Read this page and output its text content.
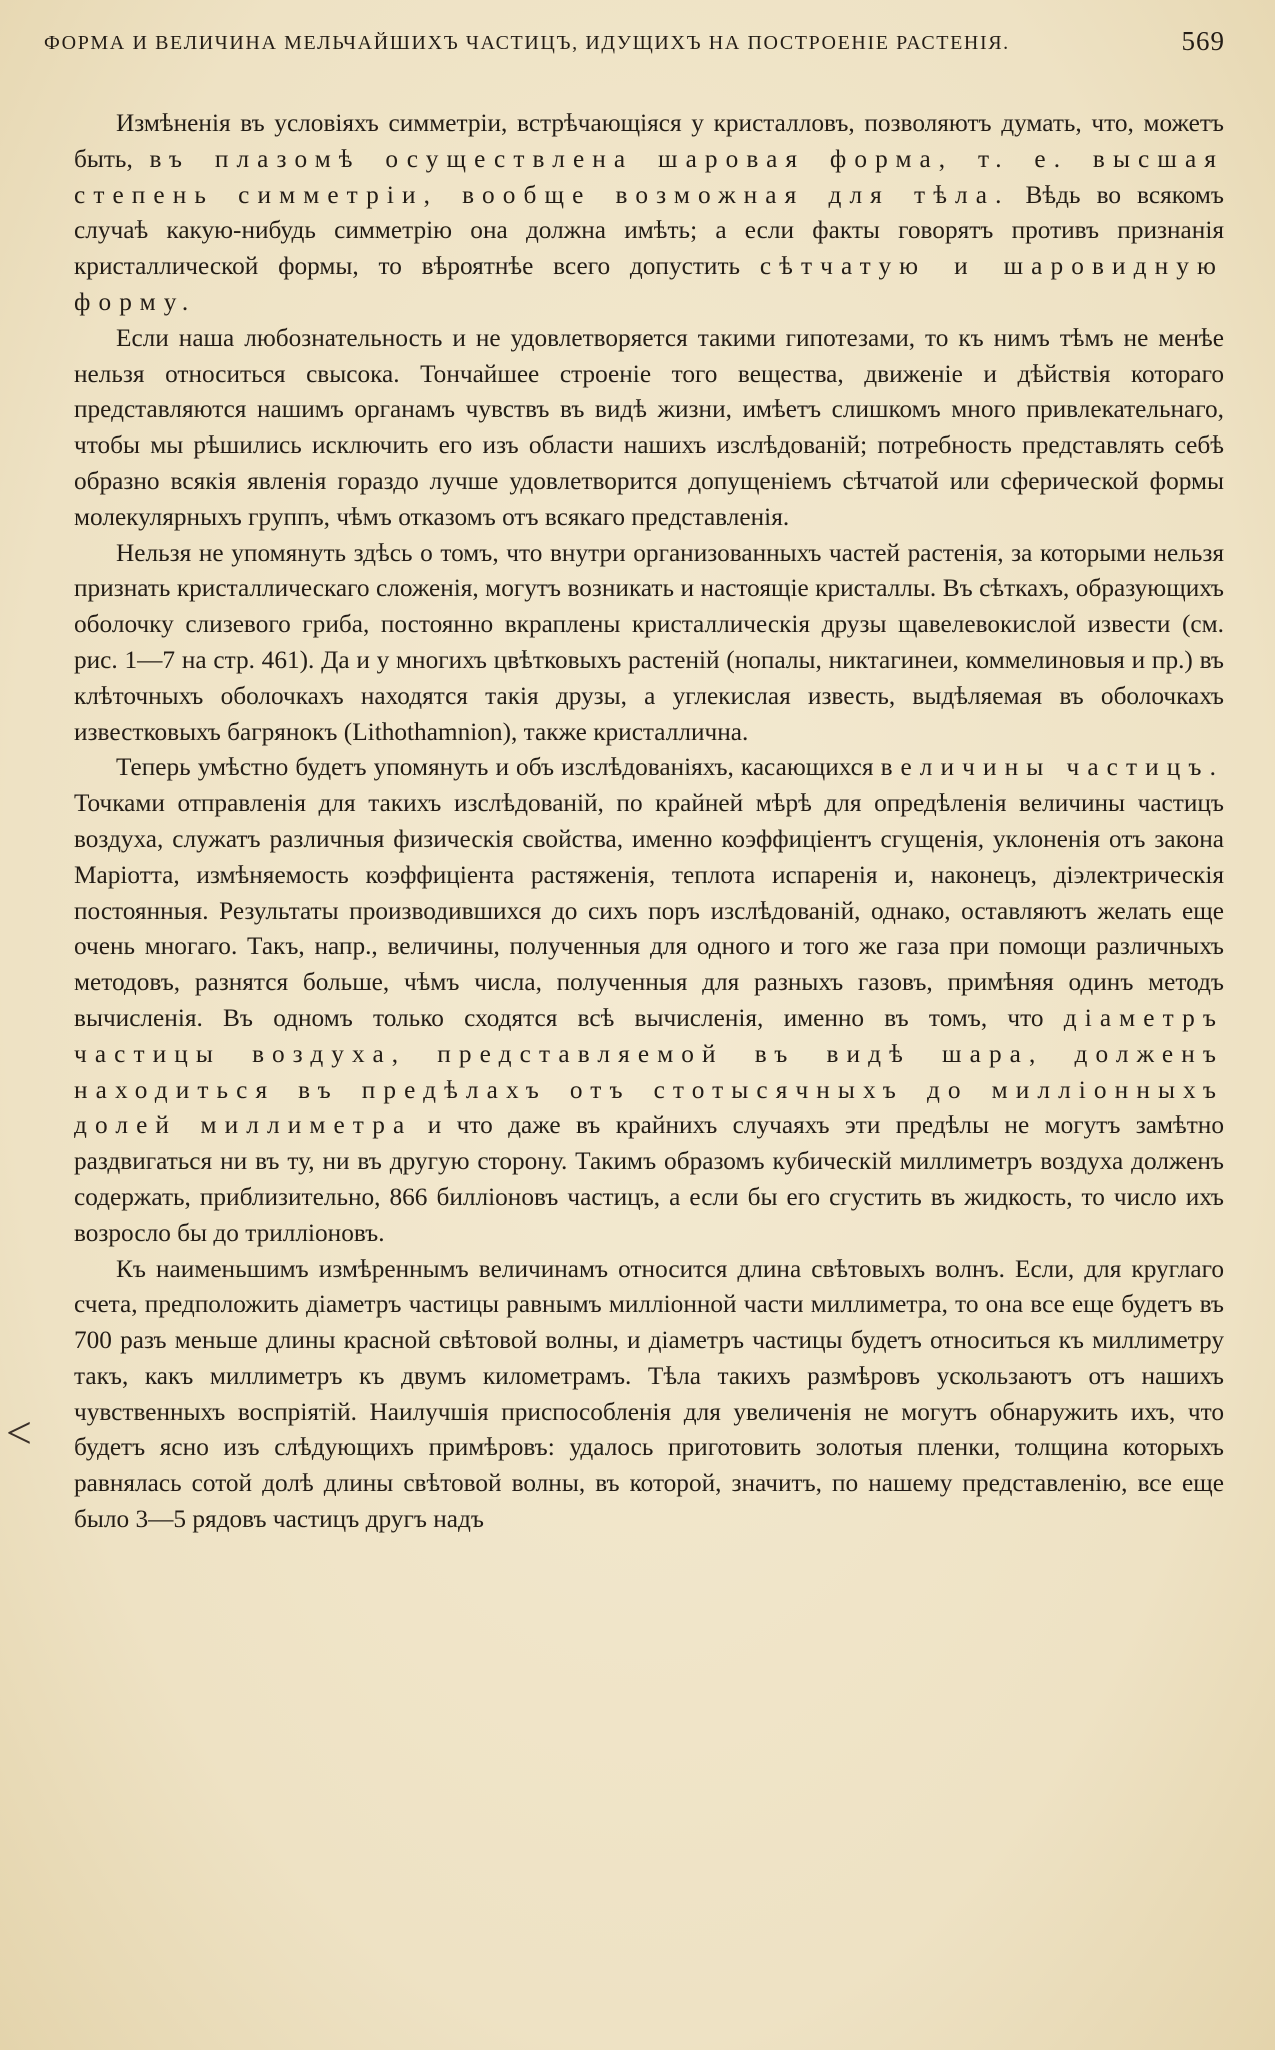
ФОРМА И ВЕЛИЧИНА МЕЛЬЧАЙШИХЪ ЧАСТИЦЪ, ИДУЩИХЪ НА ПОСТРОЕНІЕ РАСТЕНІЯ.	569
<

Измѣненія въ условіяхъ симметріи, встрѣчающіяся у кристалловъ, позволяютъ думать, что, можетъ быть, въ плазомѣ осуществлена шаровая форма, т. е. высшая степень симметріи, вообще возможная для тѣла. Вѣдь во всякомъ случаѣ какую-нибудь симметрію она должна имѣть; а если факты говорятъ противъ признанія кристаллической формы, то вѣроятнѣе всего допустить сѣтчатую и шаровидную форму.

Если наша любознательность и не удовлетворяется такими гипотезами, то къ нимъ тѣмъ не менѣе нельзя относиться свысока. Тончайшее строеніе того вещества, движеніе и дѣйствія котораго представляются нашимъ органамъ чувствъ въ видѣ жизни, имѣетъ слишкомъ много привлекательнаго, чтобы мы рѣшились исключить его изъ области нашихъ изслѣдованій; потребность представлять себѣ образно всякія явленія гораздо лучше удовлетворится допущеніемъ сѣтчатой или сферической формы молекулярныхъ группъ, чѣмъ отказомъ отъ всякаго представленія.

Нельзя не упомянуть здѣсь о томъ, что внутри организованныхъ частей растенія, за которыми нельзя признать кристаллическаго сложенія, могутъ возникать и настоящіе кристаллы. Въ сѣткахъ, образующихъ оболочку слизевого гриба, постоянно вкраплены кристаллическія друзы щавелевокислой извести (см. рис. 1—7 на стр. 461). Да и у многихъ цвѣтковыхъ растеній (нопалы, никтагинеи, коммелиновыя и пр.) въ клѣточныхъ оболочкахъ находятся такія друзы, а углекислая известь, выдѣляемая въ оболочкахъ известковыхъ багрянокъ (Lithothamnion), также кристаллична.

Теперь умѣстно будетъ упомянуть и объ изслѣдованіяхъ, касающихся величины частицъ. Точками отправленія для такихъ изслѣдованій, по крайней мѣрѣ для опредѣленія величины частицъ воздуха, служатъ различныя физическія свойства, именно коэффиціентъ сгущенія, уклоненія отъ закона Маріотта, измѣняемость коэффиціента растяженія, теплота испаренія и, наконецъ, діэлектрическія постоянныя. Результаты производившихся до сихъ поръ изслѣдованій, однако, оставляютъ желать еще очень многаго. Такъ, напр., величины, полученныя для одного и того же газа при помощи различныхъ методовъ, разнятся больше, чѣмъ числа, полученныя для разныхъ газовъ, примѣняя одинъ методъ вычисленія. Въ одномъ только сходятся всѣ вычисленія, именно въ томъ, что діаметръ частицы воздуха, представляемой въ видѣ шара, долженъ находиться въ предѣлахъ отъ стотысячныхъ до милліонныхъ долей миллиметра и что даже въ крайнихъ случаяхъ эти предѣлы не могутъ замѣтно раздвигаться ни въ ту, ни въ другую сторону. Такимъ образомъ кубическій миллиметръ воздуха долженъ содержать, приблизительно, 866 билліоновъ частицъ, а если бы его сгустить въ жидкость, то число ихъ возросло бы до трилліоновъ.

Къ наименьшимъ измѣреннымъ величинамъ относится длина свѣтовыхъ волнъ. Если, для круглаго счета, предположить діаметръ частицы равнымъ милліонной части миллиметра, то она все еще будетъ въ 700 разъ меньше длины красной свѣтовой волны, и діаметръ частицы будетъ относиться къ миллиметру такъ, какъ миллиметръ къ двумъ километрамъ. Тѣла такихъ размѣровъ ускользаютъ отъ нашихъ чувственныхъ воспріятій. Наилучшія приспособленія для увеличенія не могутъ обнаружить ихъ, что будетъ ясно изъ слѣдующихъ примѣровъ: удалось приготовить золотыя пленки, толщина которыхъ равнялась сотой долѣ длины свѣтовой волны, въ которой, значитъ, по нашему представленію, все еще было 3—5 рядовъ частицъ другъ надъ
